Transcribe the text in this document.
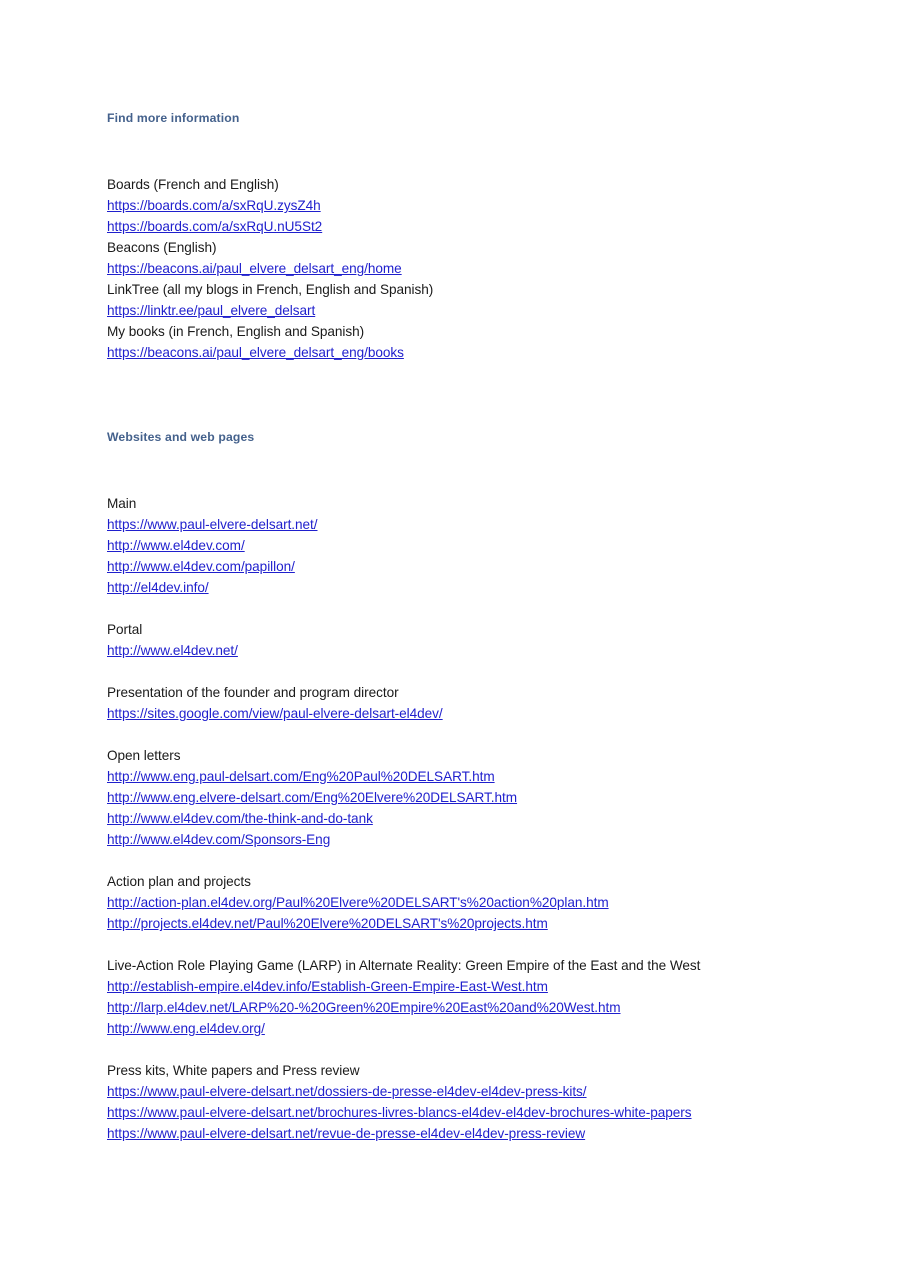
Find more information
Boards (French and English)
https://boards.com/a/sxRqU.zysZ4h
https://boards.com/a/sxRqU.nU5St2
Beacons (English)
https://beacons.ai/paul_elvere_delsart_eng/home
LinkTree (all my blogs in French, English and Spanish)
https://linktr.ee/paul_elvere_delsart
My books (in French, English and Spanish)
https://beacons.ai/paul_elvere_delsart_eng/books
Websites and web pages
Main
https://www.paul-elvere-delsart.net/
http://www.el4dev.com/
http://www.el4dev.com/papillon/
http://el4dev.info/
Portal
http://www.el4dev.net/
Presentation of the founder and program director
https://sites.google.com/view/paul-elvere-delsart-el4dev/
Open letters
http://www.eng.paul-delsart.com/Eng%20Paul%20DELSART.htm
http://www.eng.elvere-delsart.com/Eng%20Elvere%20DELSART.htm
http://www.el4dev.com/the-think-and-do-tank
http://www.el4dev.com/Sponsors-Eng
Action plan and projects
http://action-plan.el4dev.org/Paul%20Elvere%20DELSART's%20action%20plan.htm
http://projects.el4dev.net/Paul%20Elvere%20DELSART's%20projects.htm
Live-Action Role Playing Game (LARP) in Alternate Reality: Green Empire of the East and the West
http://establish-empire.el4dev.info/Establish-Green-Empire-East-West.htm
http://larp.el4dev.net/LARP%20-%20Green%20Empire%20East%20and%20West.htm
http://www.eng.el4dev.org/
Press kits, White papers and Press review
https://www.paul-elvere-delsart.net/dossiers-de-presse-el4dev-el4dev-press-kits/
https://www.paul-elvere-delsart.net/brochures-livres-blancs-el4dev-el4dev-brochures-white-papers
https://www.paul-elvere-delsart.net/revue-de-presse-el4dev-el4dev-press-review
